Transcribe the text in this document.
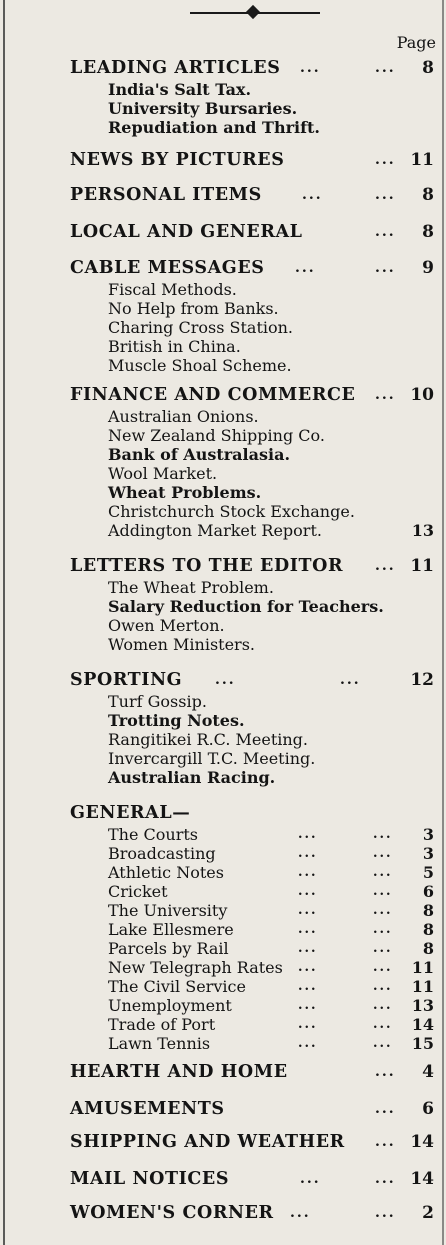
Page
LEADING ARTICLES ...	... 8
India's Salt Tax.
University Bursaries.
Repudiation and Thrift.
NEWS BY PICTURES	... 11
PERSONAL ITEMS	...	... 8
LOCAL AND GENERAL	... 8
CABLE MESSAGES ...	... 9
Fiscal Methods.
No Help from Banks.
Charing Cross Station.
British in China.
Muscle Shoal Scheme.
FINANCE AND COMMERCE ... 10
Australian Onions.
New Zealand Shipping Co.
Bank of Australasia.
Wool Market.
Wheat Problems.
Christchurch Stock Exchange.
Addington Market Report.	13
LETTERS TO THE EDITOR ... 11
The Wheat Problem.
Salary Reduction for Teachers.
Owen Merton.
Women Ministers.
SPORTING ...	...	12
Turf Gossip.
Trotting Notes.
Rangitikei R.C. Meeting.
Invercargill T.C. Meeting.
Australian Racing.
GENERAL—
The Courts	...	...	3
Broadcasting	...	...	3
Athletic Notes	...	...	5
Cricket	...	...	6
The University	...	...	8
Lake Ellesmere	...	...	8
Parcels by Rail	...	...	8
New Telegraph Rates ...	...	11
The Civil Service	...	...	11
Unemployment	...	...	13
Trade of Port	...	...	14
Lawn Tennis	...	...	15
HEARTH AND HOME	... 4
AMUSEMENTS	... 6
SHIPPING AND WEATHER ... 14
MAIL NOTICES	...	... 14
WOMEN'S CORNER ...	... 2
